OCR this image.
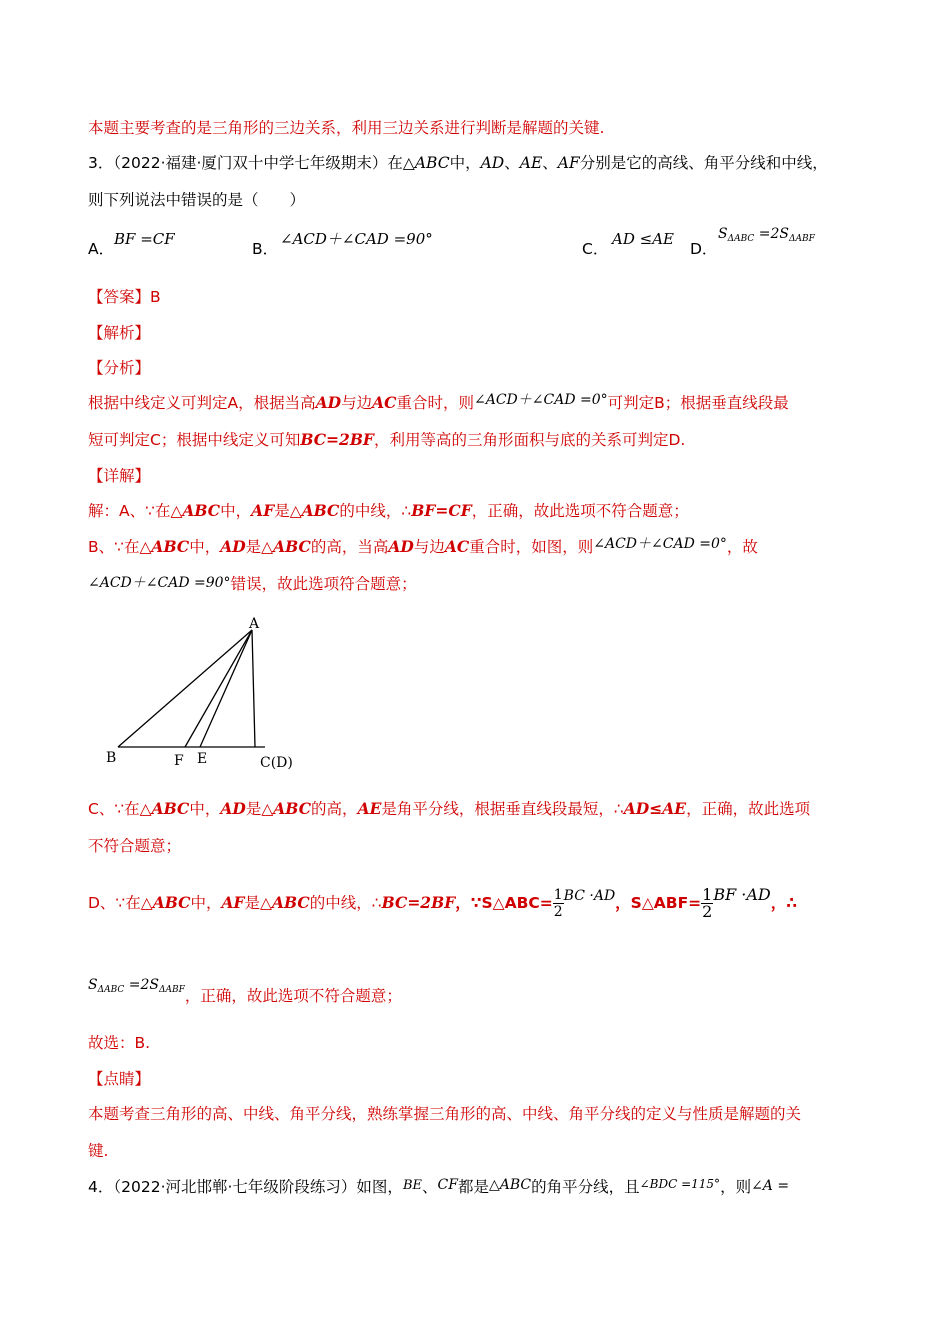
本题主要考查的是三角形的三边关系，利用三边关系进行判断是解题的关键.
3．（2022·福建·厦门双十中学七年级期末）在△ABC中，AD、AE、AF分别是它的高线、角平分线和中线，
则下列说法中错误的是（　　）
A．
BF =CF
B．
∠ACD＋∠CAD =90°
C．
AD ≤AE
D．
$S_{\Delta ABC} =2S_{\Delta ABF}$
【答案】B
【解析】
【分析】
根据中线定义可判定A，根据当高AD与边AC重合时，则∠ACD＋∠CAD =0°可判定B；根据垂直线段最
短可判定C；根据中线定义可知BC=2BF，利用等高的三角形面积与底的关系可判定D.
【详解】
解：A、∵在△ABC中，AF是△ABC的中线，∴BF=CF，正确，故此选项不符合题意；
B、∵在△ABC中，AD是△ABC的高，当高AD与边AC重合时，如图，则∠ACD＋∠CAD =0°，故
∠ACD＋∠CAD =90°错误，故此选项符合题意；
A
B	F E	C(D)
C、∵在△ABC中，AD是△ABC的高，AE是角平分线，根据垂直线段最短，∴AD≤AE，正确，故此选项
不符合题意；
D、∵在△ABC中，AF是△ABC的中线，∴BC=2BF，∵S△ABC= $\frac{1}{2}$ BC ·AD，S△ABF= $\frac{1}{2}$ BF ·AD，∴
$S_{\Delta ABC} =2S_{\Delta ABF}$，正确，故此选项不符合题意；
故选：B.
【点睛】
本题考查三角形的高、中线、角平分线，熟练掌握三角形的高、中线、角平分线的定义与性质是解题的关
键.
4．（2022·河北邯郸·七年级阶段练习）如图，BE、CF都是△ABC的角平分线，且$^{\angle BDC =115^\circ}$，则∠A =
